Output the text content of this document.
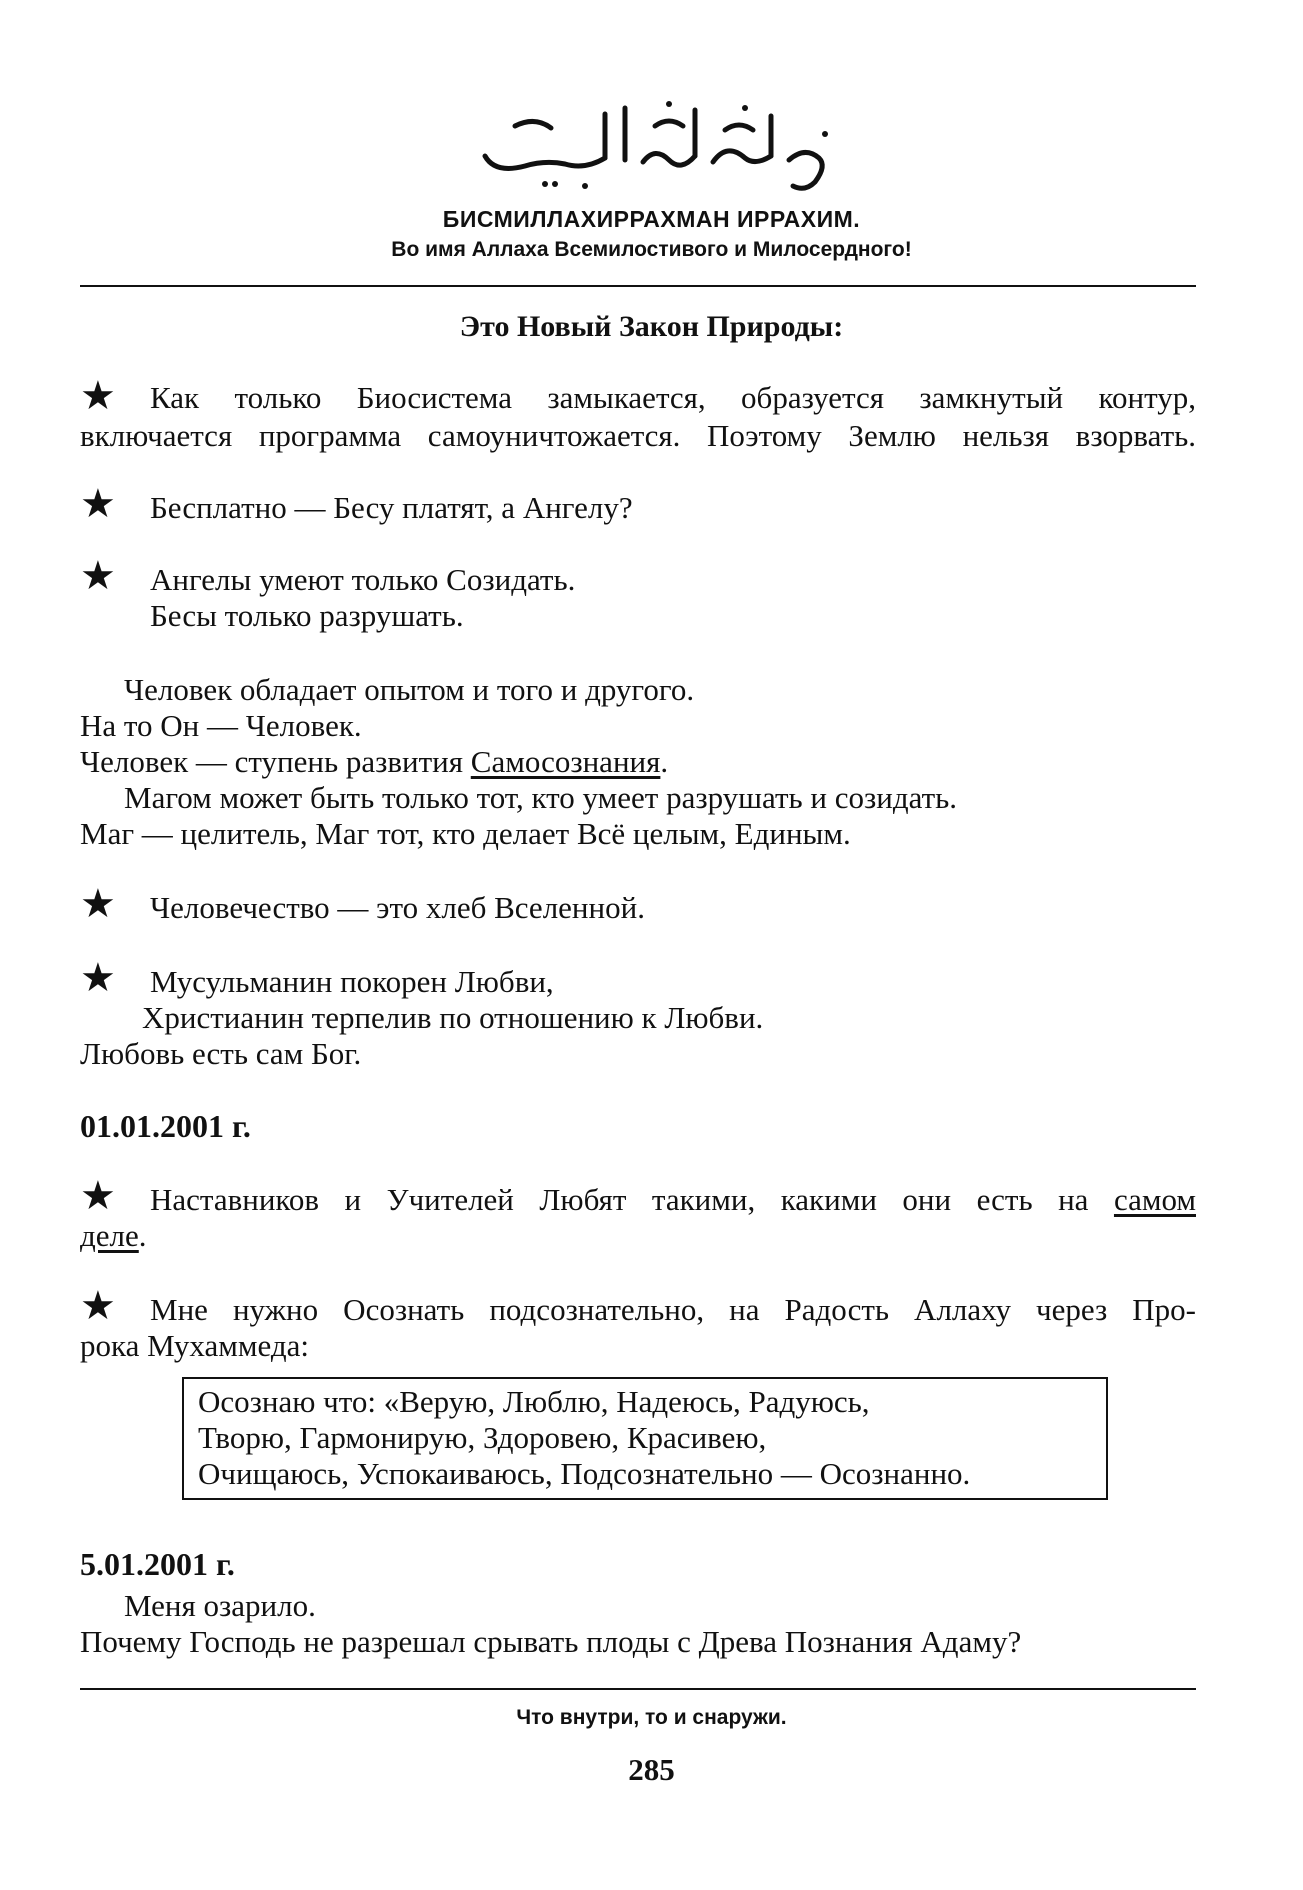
БИСМИЛЛАХИРРАХМАН ИРРАХИМ.
Во имя Аллаха Всемилостивого и Милосердного!
Это Новый Закон Природы:
★ Как только Биосистема замыкается, образуется замкнутый контур,
включается программа самоуничтожается. Поэтому Землю нельзя взорвать.
★ Бесплатно — Бесу платят, а Ангелу?
★ Ангелы умеют только Созидать.
Бесы только разрушать.
Человек обладает опытом и того и другого.
На то Он — Человек.
Человек — ступень развития Самосознания.
Магом может быть только тот, кто умеет разрушать и созидать.
Маг — целитель, Маг тот, кто делает Всё целым, Единым.
★ Человечество — это хлеб Вселенной.
★ Мусульманин покорен Любви,
Христианин терпелив по отношению к Любви.
Любовь есть сам Бог.
01.01.2001 г.
★ Наставников и Учителей Любят такими, какими они есть на самом
деле.
★ Мне нужно Осознать подсознательно, на Радость Аллаху через Про-
рока Мухаммеда:
Осознаю что: «Верую, Люблю, Надеюсь, Радуюсь,
Творю, Гармонирую, Здоровею, Красивею,
Очищаюсь, Успокаиваюсь, Подсознательно — Осознанно.
5.01.2001 г.
Меня озарило.
Почему Господь не разрешал срывать плоды с Древа Познания Адаму?
Что внутри, то и снаружи.
285
